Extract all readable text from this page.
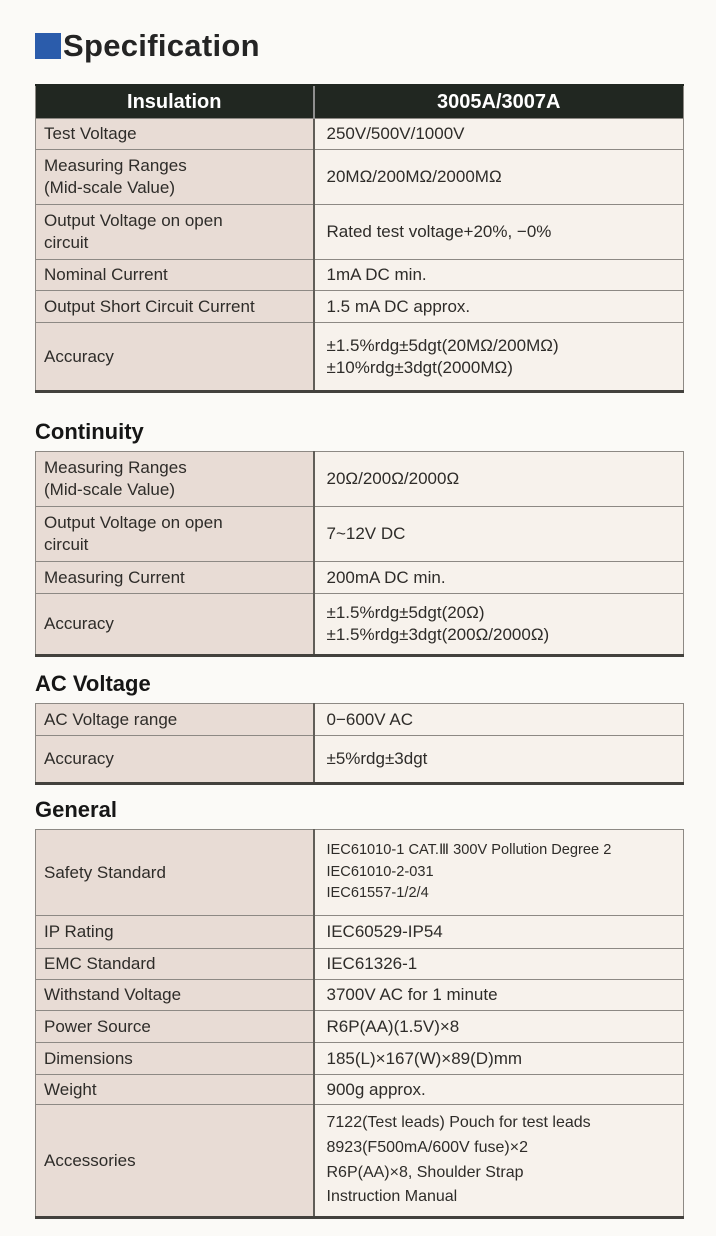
Specification
Insulation	3005A/3007A

Test Voltage	250V/500V/1000V

Measuring Ranges
(Mid-scale Value)	20MΩ/200MΩ/2000MΩ

Output Voltage on open
circuit	Rated test voltage+20%, −0%

Nominal Current	1mA DC min.

Output Short Circuit Current	1.5 mA DC approx.

Accuracy	±1.5%rdg±5dgt(20MΩ/200MΩ)
±10%rdg±3dgt(2000MΩ)
Continuity
Measuring Ranges
(Mid-scale Value)	20Ω/200Ω/2000Ω

Output Voltage on open
circuit	7~12V DC

Measuring Current	200mA DC min.

Accuracy	±1.5%rdg±5dgt(20Ω)
±1.5%rdg±3dgt(200Ω/2000Ω)
AC Voltage
AC Voltage range	0−600V AC

Accuracy	±5%rdg±3dgt
General
Safety Standard	IEC61010-1 CAT.Ⅲ 300V Pollution Degree 2
IEC61010-2-031
IEC61557-1/2/4

IP Rating	IEC60529-IP54

EMC Standard	IEC61326-1

Withstand Voltage	3700V AC for 1 minute

Power Source	R6P(AA)(1.5V)×8

Dimensions	185(L)×167(W)×89(D)mm

Weight	900g approx.

Accessories	7122(Test leads) Pouch for test leads
8923(F500mA/600V fuse)×2
R6P(AA)×8, Shoulder Strap
Instruction Manual
